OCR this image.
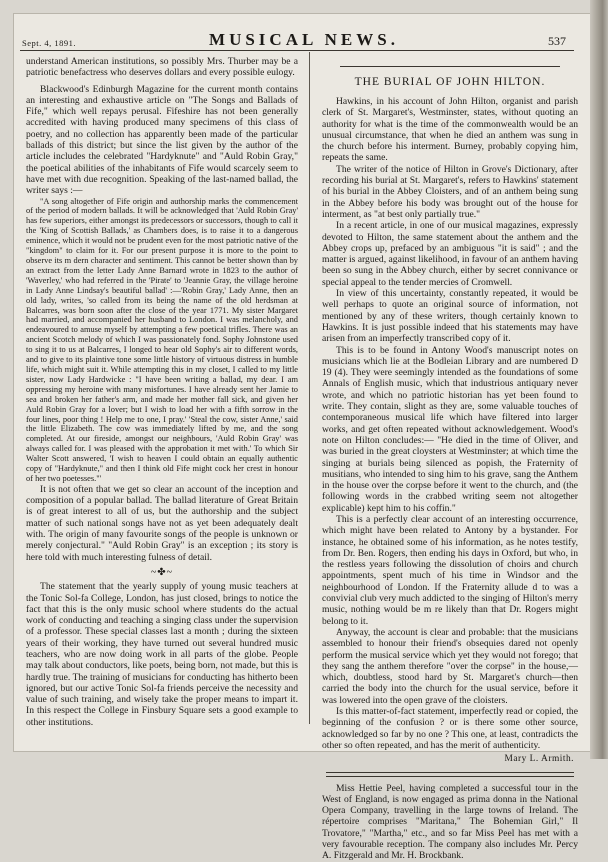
Sept. 4, 1891.	MUSICAL NEWS.	537

understand American institutions, so possibly Mrs. Thurber may be a patriotic benefactress who deserves dollars and every possible eulogy.

Blackwood's Edinburgh Magazine for the current month contains an interesting and exhaustive article on "The Songs and Ballads of Fife," which well repays perusal. Fifeshire has not been generally accredited with having produced many specimens of this class of poetry, and no collection has apparently been made of the particular ballads of this district; but since the list given by the author of the article includes the celebrated "Hardyknute" and "Auld Robin Gray," the poetical abilities of the inhabitants of Fife would scarcely seem to have met with due recognition. Speaking of the last-named ballad, the writer says :—

"A song altogether of Fife origin and authorship marks the commencement of the period of modern ballads. It will be acknowledged that 'Auld Robin Gray' has few superiors, either amongst its predecessors or successors, though to call it the 'King of Scottish Ballads,' as Chambers does, is to raise it to a dangerous eminence, which it would not be prudent even for the most patriotic native of the "kingdom" to claim for it. For our present purpose it is more to the point to observe its m dern character and sentiment. This cannot be better shown than by an extract from the letter Lady Anne Barnard wrote in 1823 to the author of 'Waverley,' who had referred in the 'Pirate' to 'Jeannie Gray, the village heroine in Lady Anne Lindsay's beautiful ballad' :—'Robin Gray,' Lady Anne, then an old lady, writes, 'so called from its being the name of the old herdsman at Balcarres, was born soon after the close of the year 1771. My sister Margaret had married, and accompanied her husband to London. I was melancholy, and endeavoured to amuse myself by attempting a few poetical trifles. There was an ancient Scotch melody of which I was passionately fond. Sophy Johnstone used to sing it to us at Balcarres, I longed to hear old Sophy's air to different words, and to give to its plaintive tone some little history of virtuous distress in humble life, which might suit it. While attempting this in my closet, I called to my little sister, now Lady Hardwicke : "I have been writing a ballad, my dear. I am oppressing my heroine with many misfortunes. I have already sent her Jamie to sea and broken her father's arm, and made her mother fall sick, and given her Auld Robin Gray for a lover; but I wish to load her with a fifth sorrow in the four lines, poor thing ! Help me to one, I pray.' 'Steal the cow, sister Anne,' said the little Elizabeth. The cow was immediately lifted by me, and the song completed. At our fireside, amongst our neighbours, 'Auld Robin Gray' was always called for. I was pleased with the approbation it met with.' To which Sir Walter Scott answered, 'I wish to heaven I could obtain an equally authentic copy of "Hardyknute," and then I think old Fife might cock her crest in honour of her two poetesses."'

It is not often that we get so clear an account of the inception and composition of a popular ballad. The ballad literature of Great Britain is of great interest to all of us, but the authorship and the subject matter of such national songs have not as yet been adequately dealt with. The origin of many favourite songs of the people is unknown or merely conjectural." "Auld Robin Gray" is an exception ; its story is here told with much interesting fulness of detail.

~✤~

The statement that the yearly supply of young music teachers at the Tonic Sol-fa College, London, has just closed, brings to notice the fact that this is the only music school where students do the actual work of conducting and teaching a singing class under the supervision of a professor. These special classes last a month ; during the sixteen years of their working, they have turned out several hundred music teachers, who are now doing work in all parts of the globe. People may talk about conductors, like poets, being born, not made, but this is hardly true. The training of musicians for conducting has hitherto been ignored, but our active Tonic Sol-fa friends perceive the necessity and value of such training, and wisely take the proper means to impart it. In this respect the College in Finsbury Square sets a good example to other institutions.

THE BURIAL OF JOHN HILTON.

Hawkins, in his account of John Hilton, organist and parish clerk of St. Margaret's, Westminster, states, without quoting an authority for what is the time of the commonwealth would be an unusual circumstance, that when he died an anthem was sung in the church before his interment. Burney, probably copying him, repeats the same.

The writer of the notice of Hilton in Grove's Dictionary, after recording his burial at St. Margaret's, refers to Hawkins' statement of his burial in the Abbey Cloisters, and of an anthem being sung in the Abbey before his body was brought out of the house for interment, as "at best only partially true."

In a recent article, in one of our musical magazines, expressly devoted to Hilton, the same statement about the anthem and the Abbey crops up, prefaced by an ambiguous "it is said" ; and the matter is argued, against likelihood, in favour of an anthem having been so sung in the Abbey church, either by secret connivance or special appeal to the tender mercies of Cromwell.

In view of this uncertainty, constantly repeated, it would be well perhaps to quote an original source of information, not mentioned by any of these writers, though certainly known to Hawkins. It is just possible indeed that his statements may have arisen from an imperfectly transcribed copy of it.

This is to be found in Antony Wood's manuscript notes on musicians which lie at the Bodleian Library and are numbered D 19 (4). They were seemingly intended as the foundations of some Annals of English music, which that industrious antiquary never wrote, and which no patriotic historian has yet been found to write. They contain, slight as they are, some valuable touches of contemporaneous musical life which have filtered into larger works, and get often repeated without acknowledgement. Wood's note on Hilton concludes:— "He died in the time of Oliver, and was buried in the great cloysters at Westminster; at which time the singing at burials being silenced as popish, the Fraternity of musitians, who intended to sing him to his grave, sang the Anthem in the house over the corpse before it went to the church, and (the following words in the crabbed writing seem not altogether explicable) kept him to his coffin."

This is a perfectly clear account of an interesting occurrence, which might have been related to Antony by a bystander. For instance, he obtained some of his information, as he notes testify, from Dr. Ben. Rogers, then ending his days in Oxford, but who, in the restless years following the dissolution of choirs and church appointments, spent much of his time in Windsor and the neighbourhood of London. If the Fraternity allude d to was a convivial club very much addicted to the singing of Hilton's merry music, nothing would be m re likely than that Dr. Rogers might belong to it.

Anyway, the account is clear and probable: that the musicians assembled to honour their friend's obsequies dared not openly perform the musical service which yet they would not forego; that they sang the anthem therefore "over the corpse" in the house,—which, doubtless, stood hard by St. Margaret's church—then carried the body into the church for the usual service, before it was lowered into the open grave of the cloisters.

Is this matter-of-fact statement, imperfectly read or copied, the beginning of the confusion ? or is there some other source, acknowledged so far by no one ? This one, at least, contradicts the other so often repeated, and has the merit of authenticity.

Mary L. Armith.

Miss Hettie Peel, having completed a successful tour in the West of England, is now engaged as prima donna in the National Opera Company, travelling in the large towns of Ireland. The répertoire comprises "Maritana," The Bohemian Girl," Il Trovatore," "Martha," etc., and so far Miss Peel has met with a very favourable reception. The company also includes Mr. Percy A. Fitzgerald and Mr. H. Brockbank.
